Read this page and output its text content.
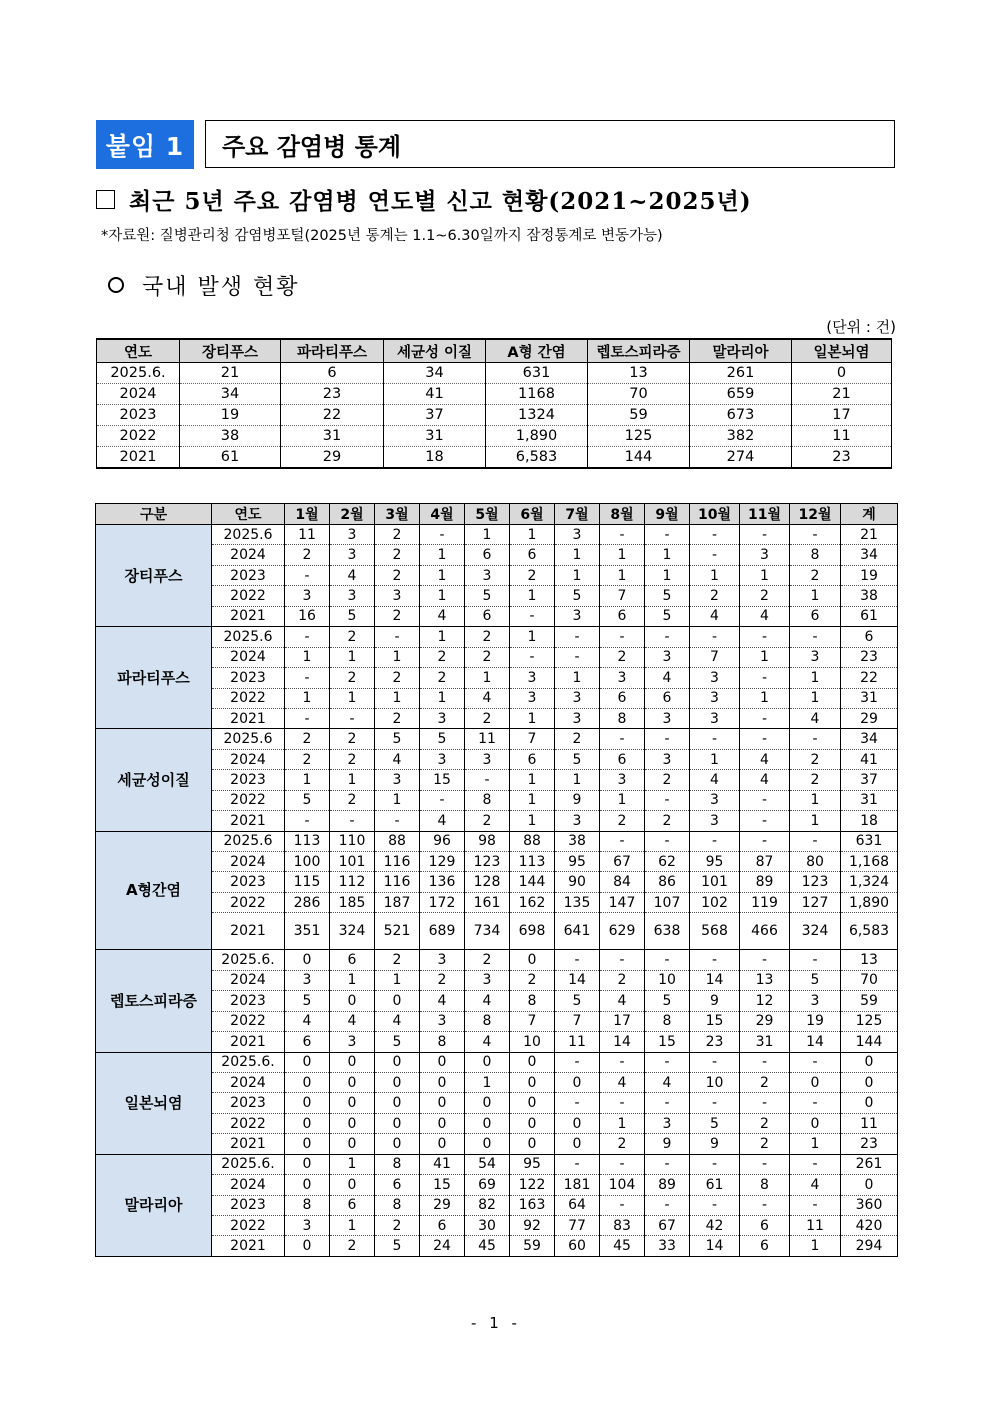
붙임 1	주요 감염병 통계
최근 5년 주요 감염병 연도별 신고 현황(2021~2025년)
*자료원: 질병관리청 감염병포털(2025년 통계는 1.1~6.30일까지 잠정통계로 변동가능)
국내 발생 현황
(단위 : 건)
연도	장티푸스	파라티푸스	세균성 이질	A형 간염	렙토스피라증	말라리아	일본뇌염
2025.6.	21	6	34	631	13	261	0
2024	34	23	41	1168	70	659	21
2023	19	22	37	1324	59	673	17
2022	38	31	31	1,890	125	382	11
2021	61	29	18	6,583	144	274	23
구분	연도	1월	2월	3월	4월	5월	6월	7월	8월	9월	10월	11월	12월	계
장티푸스	2025.6	11	3	2	-	1	1	3	-	-	-	-	-	21
	2024	2	3	2	1	6	6	1	1	1	-	3	8	34
	2023	-	4	2	1	3	2	1	1	1	1	1	2	19
	2022	3	3	3	1	5	1	5	7	5	2	2	1	38
	2021	16	5	2	4	6	-	3	6	5	4	4	6	61
파라티푸스	2025.6	-	2	-	1	2	1	-	-	-	-	-	-	6
	2024	1	1	1	2	2	-	-	2	3	7	1	3	23
	2023	-	2	2	2	1	3	1	3	4	3	-	1	22
	2022	1	1	1	1	4	3	3	6	6	3	1	1	31
	2021	-	-	2	3	2	1	3	8	3	3	-	4	29
세균성이질	2025.6	2	2	5	5	11	7	2	-	-	-	-	-	34
	2024	2	2	4	3	3	6	5	6	3	1	4	2	41
	2023	1	1	3	15	-	1	1	3	2	4	4	2	37
	2022	5	2	1	-	8	1	9	1	-	3	-	1	31
	2021	-	-	-	4	2	1	3	2	2	3	-	1	18
A형간염	2025.6	113	110	88	96	98	88	38	-	-	-	-	-	631
	2024	100	101	116	129	123	113	95	67	62	95	87	80	1,168
	2023	115	112	116	136	128	144	90	84	86	101	89	123	1,324
	2022	286	185	187	172	161	162	135	147	107	102	119	127	1,890
	2021	351	324	521	689	734	698	641	629	638	568	466	324	6,583
렙토스피라증	2025.6.	0	6	2	3	2	0	-	-	-	-	-	-	13
	2024	3	1	1	2	3	2	14	2	10	14	13	5	70
	2023	5	0	0	4	4	8	5	4	5	9	12	3	59
	2022	4	4	4	3	8	7	7	17	8	15	29	19	125
	2021	6	3	5	8	4	10	11	14	15	23	31	14	144
일본뇌염	2025.6.	0	0	0	0	0	0	-	-	-	-	-	-	0
	2024	0	0	0	0	1	0	0	4	4	10	2	0	0
	2023	0	0	0	0	0	0	-	-	-	-	-	-	0
	2022	0	0	0	0	0	0	0	1	3	5	2	0	11
	2021	0	0	0	0	0	0	0	2	9	9	2	1	23
말라리아	2025.6.	0	1	8	41	54	95	-	-	-	-	-	-	261
	2024	0	0	6	15	69	122	181	104	89	61	8	4	0
	2023	8	6	8	29	82	163	64	-	-	-	-	-	360
	2022	3	1	2	6	30	92	77	83	67	42	6	11	420
	2021	0	2	5	24	45	59	60	45	33	14	6	1	294
- 1 -
